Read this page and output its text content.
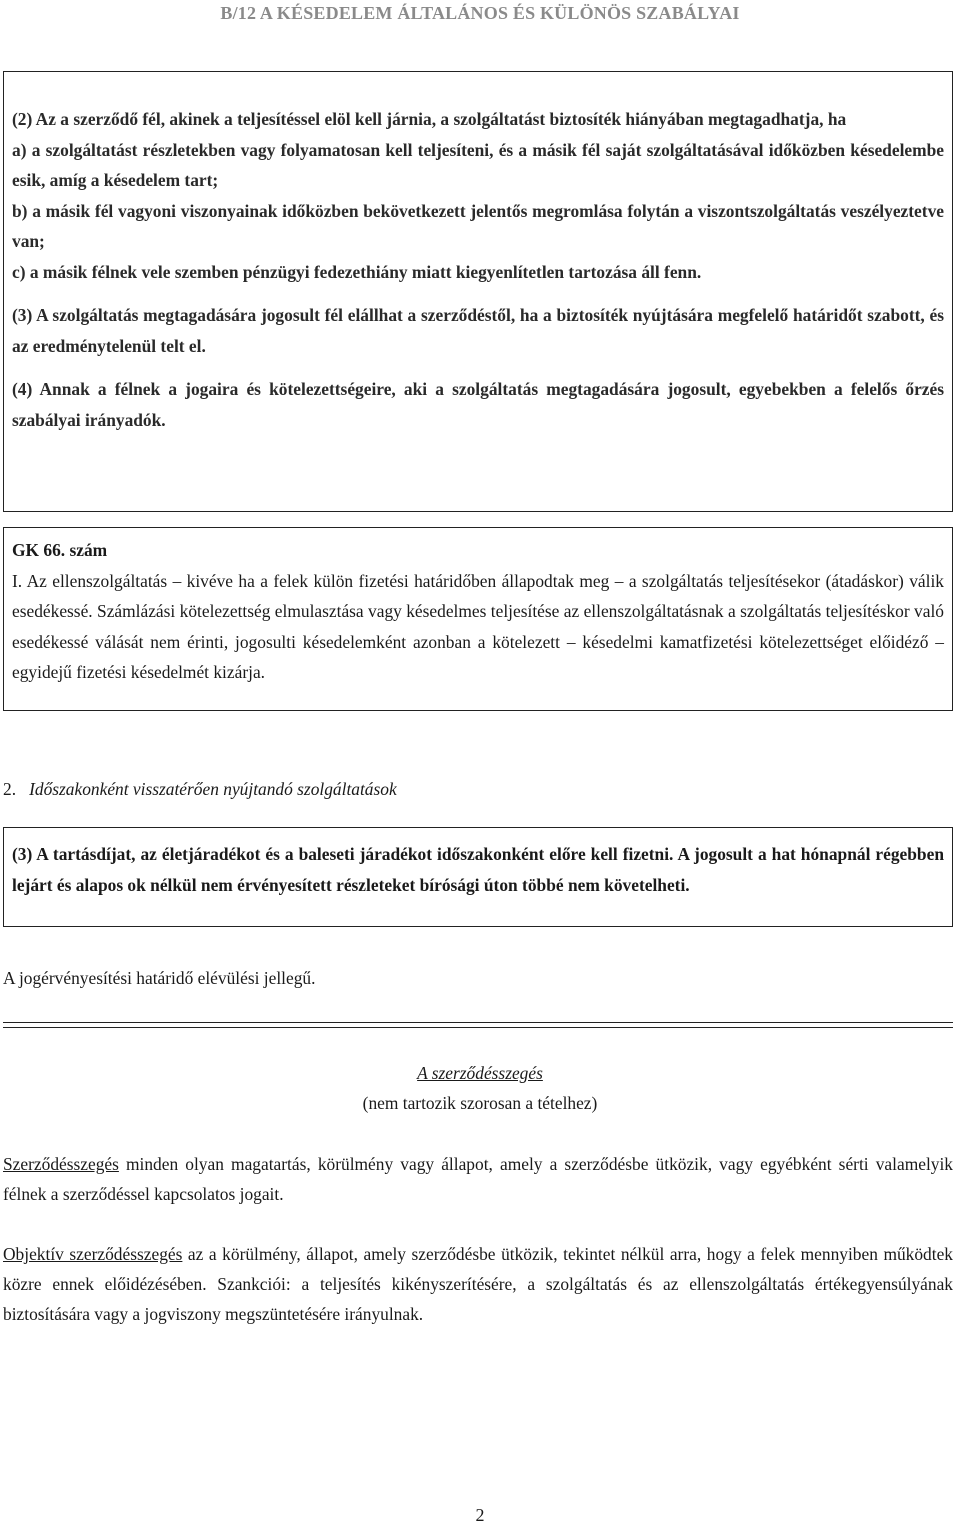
B/12 A KÉSEDELEM ÁLTALÁNOS ÉS KÜLÖNÖS SZABÁLYAI

(2) Az a szerződő fél, akinek a teljesítéssel elöl kell járnia, a szolgáltatást biztosíték hiányában megtagadhatja, ha

a) a szolgáltatást részletekben vagy folyamatosan kell teljesíteni, és a másik fél saját szolgáltatásával időközben késedelembe esik, amíg a késedelem tart;

b) a másik fél vagyoni viszonyainak időközben bekövetkezett jelentős megromlása folytán a viszontszolgáltatás veszélyeztetve van;

c) a másik félnek vele szemben pénzügyi fedezethiány miatt kiegyenlítetlen tartozása áll fenn.

(3) A szolgáltatás megtagadására jogosult fél elállhat a szerződéstől, ha a biztosíték nyújtására megfelelő határidőt szabott, és az eredménytelenül telt el.

(4) Annak a félnek a jogaira és kötelezettségeire, aki a szolgáltatás megtagadására jogosult, egyebekben a felelős őrzés szabályai irányadók.

GK 66. szám

I. Az ellenszolgáltatás ‒ kivéve ha a felek külön fizetési határidőben állapodtak meg ‒ a szolgáltatás teljesítésekor (átadáskor) válik esedékessé. Számlázási kötelezettség elmulasztása vagy késedelmes teljesítése az ellenszolgáltatásnak a szolgáltatás teljesítéskor való esedékessé válását nem érinti, jogosulti késedelemként azonban a kötelezett ‒ késedelmi kamatfizetési kötelezettséget előidéző ‒ egyidejű fizetési késedelmét kizárja.

2. Időszakonként visszatérően nyújtandó szolgáltatások

(3) A tartásdíjat, az életjáradékot és a baleseti járadékot időszakonként előre kell fizetni. A jogosult a hat hónapnál régebben lejárt és alapos ok nélkül nem érvényesített részleteket bírósági úton többé nem követelheti.

A jogérvényesítési határidő elévülési jellegű.
A szerződésszegés
(nem tartozik szorosan a tételhez)
Szerződésszegés minden olyan magatartás, körülmény vagy állapot, amely a szerződésbe ütközik, vagy egyébként sérti valamelyik félnek a szerződéssel kapcsolatos jogait.
Objektív szerződésszegés az a körülmény, állapot, amely szerződésbe ütközik, tekintet nélkül arra, hogy a felek mennyiben működtek közre ennek előidézésében. Szankciói: a teljesítés kikényszerítésére, a szolgáltatás és az ellenszolgáltatás értékegyensúlyának biztosítására vagy a jogviszony megszüntetésére irányulnak.
2
